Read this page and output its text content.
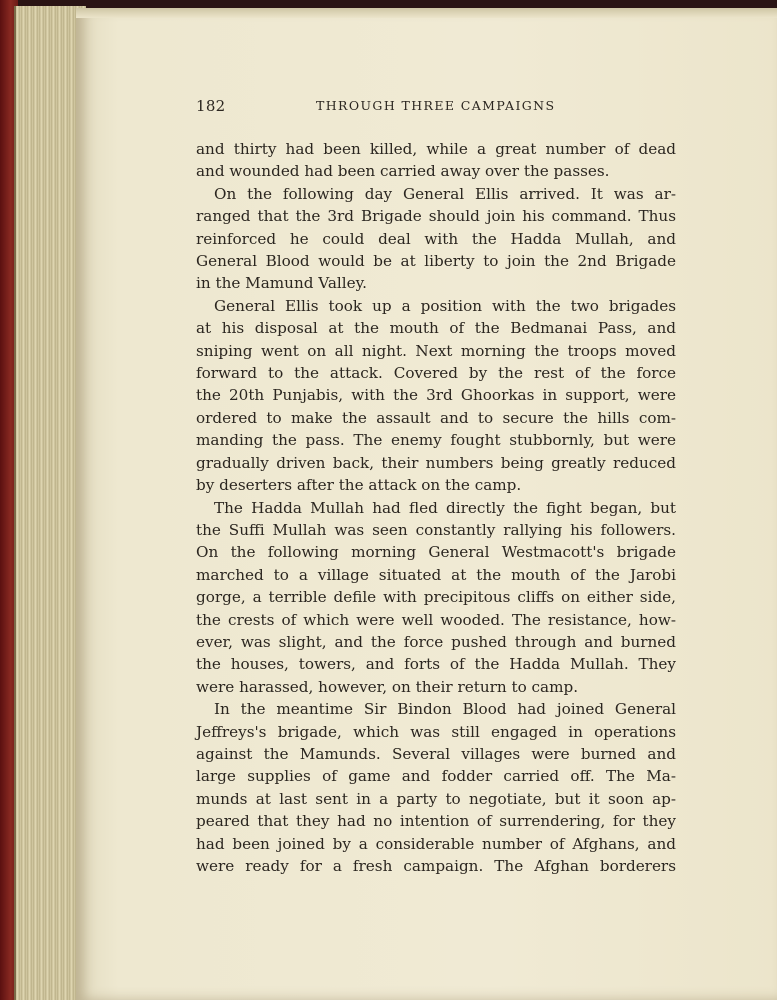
182	THROUGH THREE CAMPAIGNS
and thirty had been killed, while a great number of dead
and wounded had been carried away over the passes.
On the following day General Ellis arrived. It was ar-
ranged that the 3rd Brigade should join his command. Thus
reinforced he could deal with the Hadda Mullah, and
General Blood would be at liberty to join the 2nd Brigade
in the Mamund Valley.
General Ellis took up a position with the two brigades
at his disposal at the mouth of the Bedmanai Pass, and
sniping went on all night. Next morning the troops moved
forward to the attack. Covered by the rest of the force
the 20th Punjabis, with the 3rd Ghoorkas in support, were
ordered to make the assault and to secure the hills com-
manding the pass. The enemy fought stubbornly, but were
gradually driven back, their numbers being greatly reduced
by deserters after the attack on the camp.
The Hadda Mullah had fled directly the fight began, but
the Suffi Mullah was seen constantly rallying his followers.
On the following morning General Westmacott's brigade
marched to a village situated at the mouth of the Jarobi
gorge, a terrible defile with precipitous cliffs on either side,
the crests of which were well wooded. The resistance, how-
ever, was slight, and the force pushed through and burned
the houses, towers, and forts of the Hadda Mullah. They
were harassed, however, on their return to camp.
In the meantime Sir Bindon Blood had joined General
Jeffreys's brigade, which was still engaged in operations
against the Mamunds. Several villages were burned and
large supplies of game and fodder carried off. The Ma-
munds at last sent in a party to negotiate, but it soon ap-
peared that they had no intention of surrendering, for they
had been joined by a considerable number of Afghans, and
were ready for a fresh campaign. The Afghan borderers
